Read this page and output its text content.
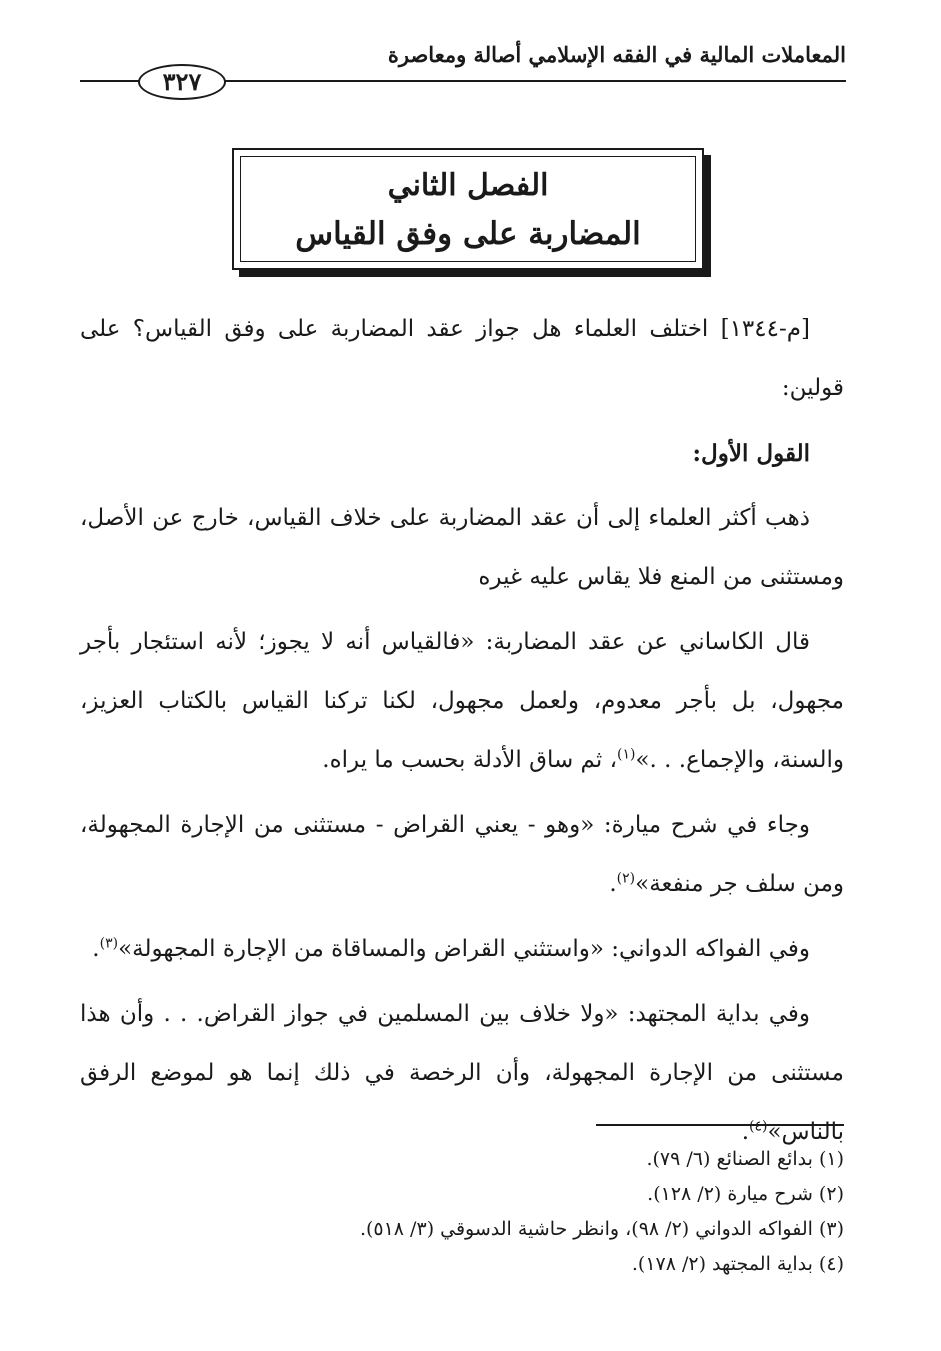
المعاملات المالية في الفقه الإسلامي أصالة ومعاصرة
٣٢٧
الفصل الثاني
المضاربة على وفق القياس

[م-١٣٤٤] اختلف العلماء هل جواز عقد المضاربة على وفق القياس؟ على قولين:

القول الأول:

ذهب أكثر العلماء إلى أن عقد المضاربة على خلاف القياس، خارج عن الأصل، ومستثنى من المنع فلا يقاس عليه غيره

قال الكاساني عن عقد المضاربة: «فالقياس أنه لا يجوز؛ لأنه استئجار بأجر مجهول، بل بأجر معدوم، ولعمل مجهول، لكنا تركنا القياس بالكتاب العزيز، والسنة، والإجماع. . .»$^{(١)}$، ثم ساق الأدلة بحسب ما يراه.

وجاء في شرح ميارة: «وهو - يعني القراض - مستثنى من الإجارة المجهولة، ومن سلف جر منفعة»$^{(٢)}$.

وفي الفواكه الدواني: «واستثني القراض والمساقاة من الإجارة المجهولة»$^{(٣)}$.

وفي بداية المجتهد: «ولا خلاف بين المسلمين في جواز القراض. . . وأن هذا مستثنى من الإجارة المجهولة، وأن الرخصة في ذلك إنما هو لموضع الرفق بالناس»$^{(٤)}$.

(١) بدائع الصنائع (٦/ ٧٩).
(٢) شرح ميارة (٢/ ١٢٨).
(٣) الفواكه الدواني (٢/ ٩٨)، وانظر حاشية الدسوقي (٣/ ٥١٨).
(٤) بداية المجتهد (٢/ ١٧٨).
